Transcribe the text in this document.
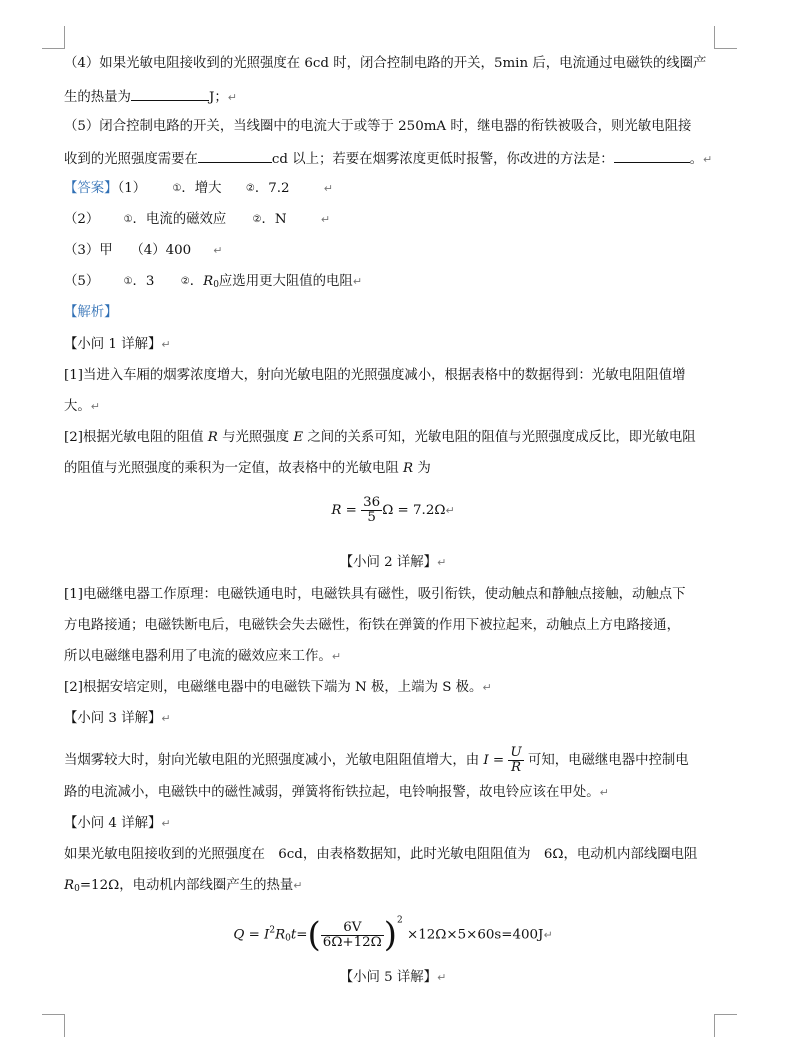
（4）如果光敏电阻接收到的光照强度在 6cd 时，闭合控制电路的开关，5min 后，电流通过电磁铁的线圈产
生的热量为	J；↵
（5）闭合控制电路的开关，当线圈中的电流大于或等于 250mA 时，继电器的衔铁被吸合，则光敏电阻接
收到的光照强度需要在	cd 以上；若要在烟雾浓度更低时报警，你改进的方法是：	。↵
【答案】（1）	①．增大 ②．7.2	↵
（2） ①．电流的磁效应	②．N	↵
（3）甲　 （4）400 ↵
（5） ①．3	②．$R_0$应选用更大阻值的电阻↵
【解析】
【小问 1 详解】↵
[1]当进入车厢的烟雾浓度增大，射向光敏电阻的光照强度减小，根据表格中的数据得到：光敏电阻阻值增
大。↵
[2]根据光敏电阻的阻值 R 与光照强度 E 之间的关系可知，光敏电阻的阻值与光照强度成反比，即光敏电阻
的阻值与光照强度的乘积为一定值，故表格中的光敏电阻 R 为
$R = \frac{36}{5}$ Ω = 7.2Ω↵
【小问 2 详解】↵
[1]电磁继电器工作原理：电磁铁通电时，电磁铁具有磁性，吸引衔铁，使动触点和静触点接触，动触点下
方电路接通；电磁铁断电后，电磁铁会失去磁性，衔铁在弹簧的作用下被拉起来，动触点上方电路接通，
所以电磁继电器利用了电流的磁效应来工作。↵
[2]根据安培定则，电磁继电器中的电磁铁下端为 N 极，上端为 S 极。↵
【小问 3 详解】↵
当烟雾较大时，射向光敏电阻的光照强度减小，光敏电阻阻值增大，由 $I = \frac{U}{R}$ 可知，电磁继电器中控制电
路的电流减小，电磁铁中的磁性减弱，弹簧将衔铁拉起，电铃响报警，故电铃应该在甲处。↵
【小问 4 详解】↵
如果光敏电阻接收到的光照强度在　6cd，由表格数据知，此时光敏电阻阻值为　6Ω，电动机内部线圈电阻
$R_0=12\Omega$，电动机内部线圈产生的热量↵
$Q = I^2R_0t=( \frac{6V}{6\Omega+12\Omega} )^2$ ×12Ω×5×60s=400J↵
【小问 5 详解】↵
